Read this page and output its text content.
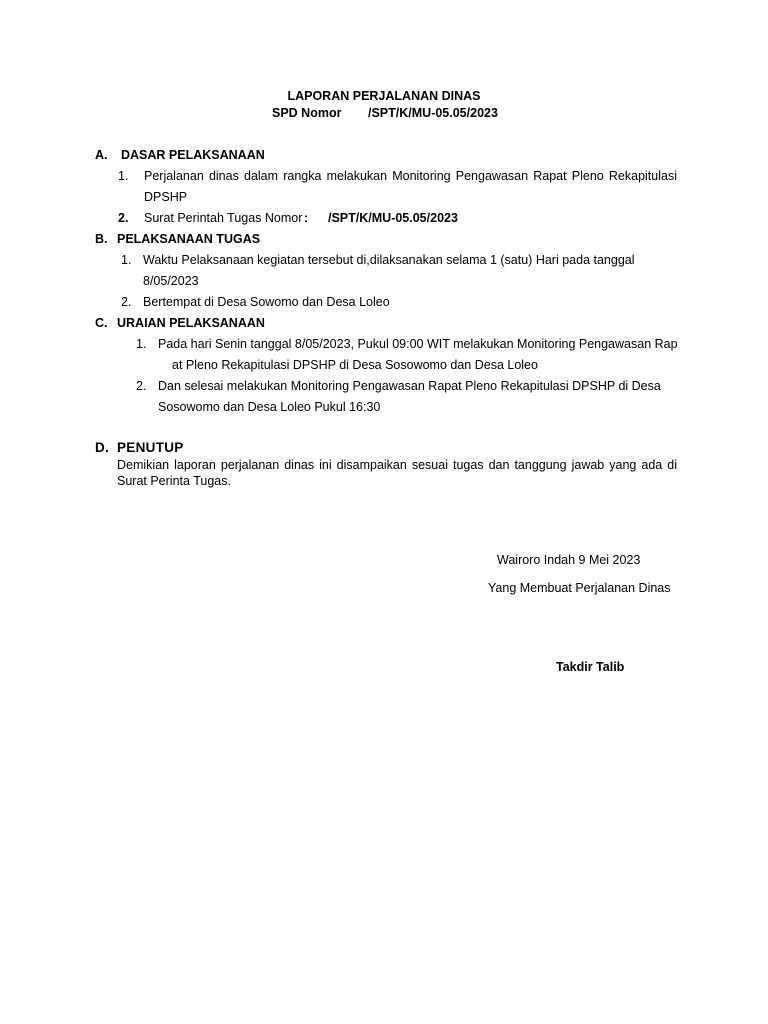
LAPORAN PERJALANAN DINAS
SPD Nomor /SPT/K/MU-05.05/2023
A. DASAR PELAKSANAAN
1. Perjalanan dinas dalam rangka melakukan Monitoring Pengawasan Rapat Pleno Rekapitulasi
DPSHP
2. Surat Perintah Tugas Nomor : /SPT/K/MU-05.05/2023
B. PELAKSANAAN TUGAS
1. Waktu Pelaksanaan kegiatan tersebut di,dilaksanakan selama 1 (satu) Hari pada tanggal
8/05/2023
2. Bertempat di Desa Sowomo dan Desa Loleo
C. URAIAN PELAKSANAAN
1. Pada hari Senin tanggal 8/05/2023, Pukul 09:00 WIT melakukan Monitoring Pengawasan Rap
at Pleno Rekapitulasi DPSHP di Desa Sosowomo dan Desa Loleo
2. Dan selesai melakukan Monitoring Pengawasan Rapat Pleno Rekapitulasi DPSHP di Desa
Sosowomo dan Desa Loleo Pukul 16:30
D. PENUTUP
Demikian laporan perjalanan dinas ini disampaikan sesuai tugas dan tanggung jawab yang ada di
Surat Perinta Tugas.
Wairoro Indah 9 Mei 2023
Yang Membuat Perjalanan Dinas
Takdir Talib
